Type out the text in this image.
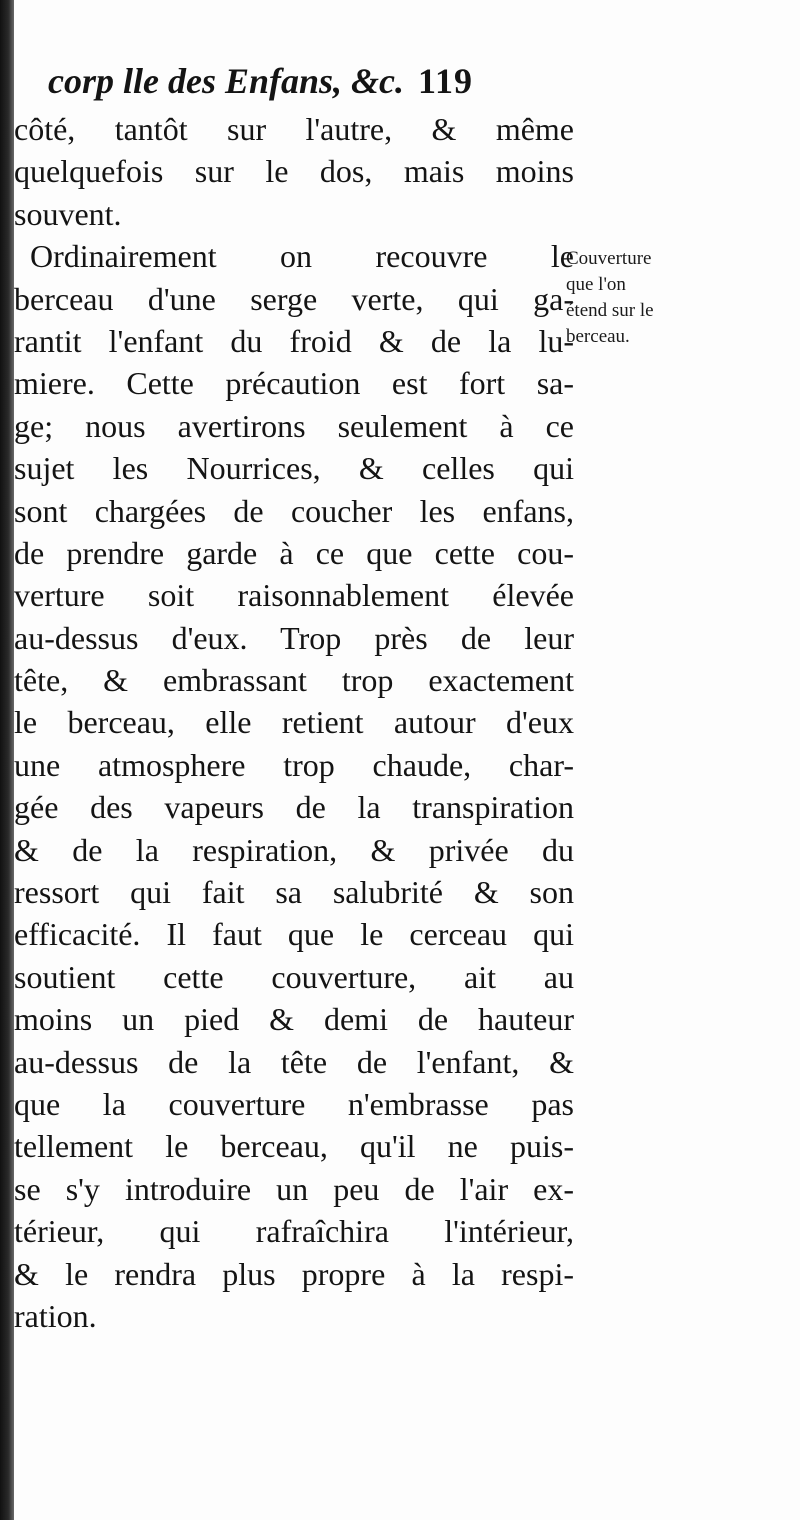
corp lle des Enfans, &c. 119
côté, tantôt sur l'autre, & même
quelquefois sur le dos, mais moins
souvent.
Ordinairement on recouvre le
berceau d'une serge verte, qui ga-
rantit l'enfant du froid & de la lu-
miere. Cette précaution est fort sa-
ge; nous avertirons seulement à ce
sujet les Nourrices, & celles qui
sont chargées de coucher les enfans,
de prendre garde à ce que cette cou-
verture soit raisonnablement élevée
au-dessus d'eux. Trop près de leur
tête, & embrassant trop exactement
le berceau, elle retient autour d'eux
une atmosphere trop chaude, char-
gée des vapeurs de la transpiration
& de la respiration, & privée du
ressort qui fait sa salubrité & son
efficacité. Il faut que le cerceau qui
soutient cette couverture, ait au
moins un pied & demi de hauteur
au-dessus de la tête de l'enfant, &
que la couverture n'embrasse pas
tellement le berceau, qu'il ne puis-
se s'y introduire un peu de l'air ex-
térieur, qui rafraîchira l'intérieur,
& le rendra plus propre à la respi-
ration.
Couverture
que l'on
étend sur le
berceau.
